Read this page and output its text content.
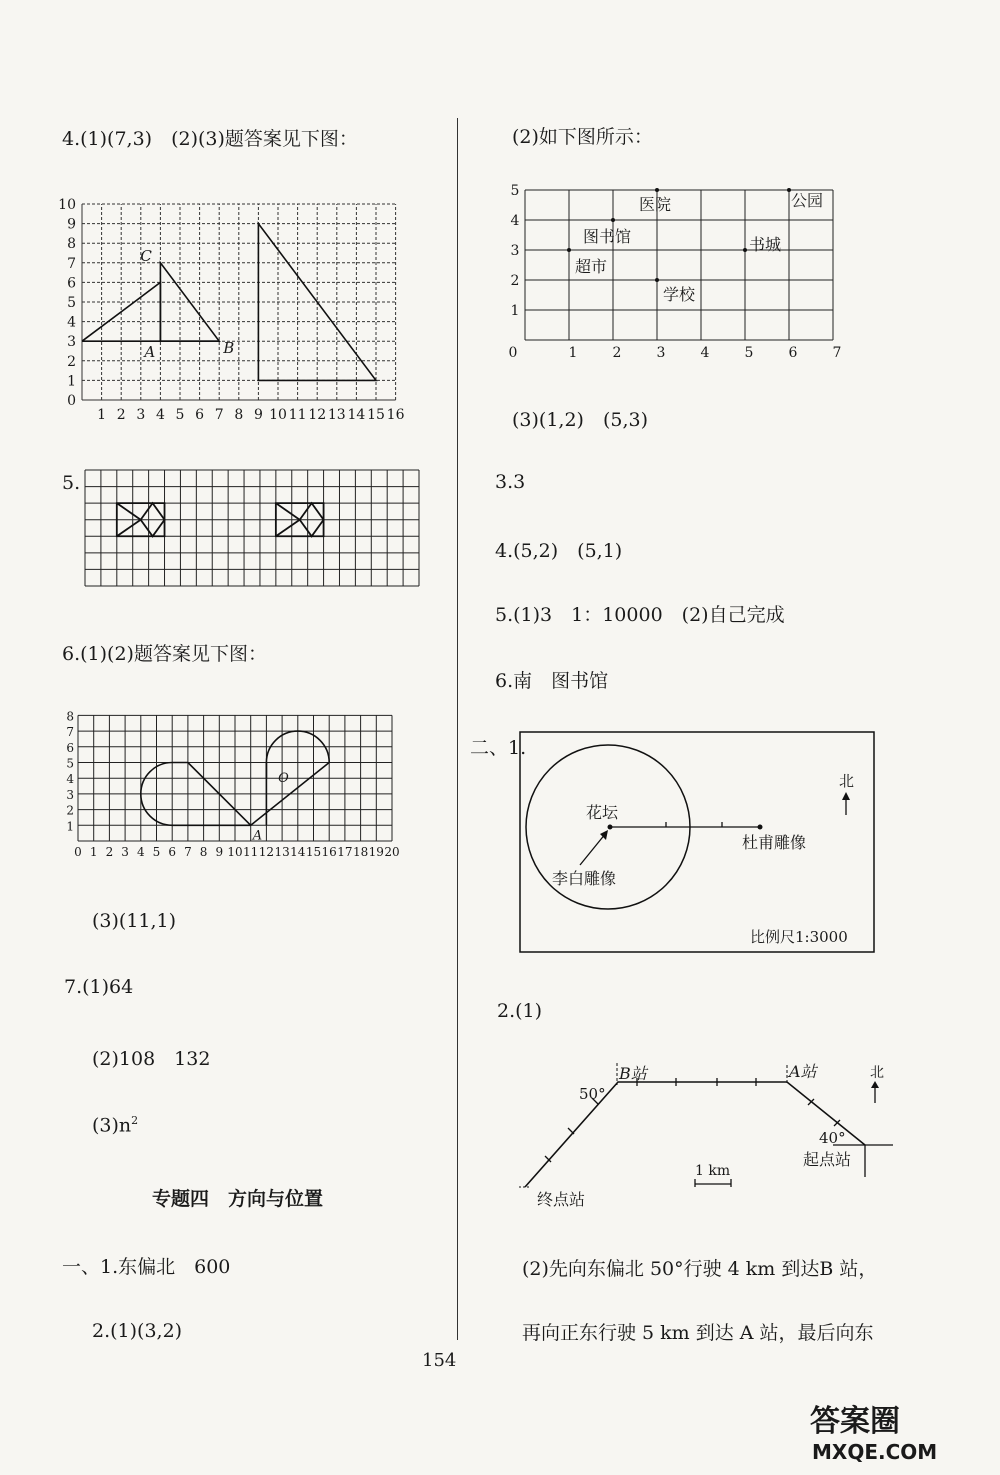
4.(1)(7,3)　(2)(3)题答案见下图：
1 2 3 4 5 6 7 8 9 10 11 12 13 14 15 16
0
1
2
3
4
5
6
7
8
9
10
C
A	B
5.
6.(1)(2)题答案见下图：
0 1 2 3 4 5 6 7 8 9 10 11 12 13 14 15 16 17 18 19 20
1
2
3
4
5
6
7
8
O
A
(3)(11,1)
7.(1)64
(2)108　132
$(3)n^2$
专题四　方向与位置
一、1.东偏北　600
2.(1)(3,2)
(2)如下图所示：
0	1	2	3	4	5	6	7
1
2
3
4
5
医院	公园
图书馆
超市
书城
学校
(3)(1,2)　(5,3)
3.3
4.(5,2)　(5,1)
5.(1)3　1：10000　(2)自己完成
6.南　图书馆
二、1.
花坛
杜甫雕像
李白雕像
北
比例尺1:3000
2.(1)
B站	A站
50°
40°
起点站
终点站
北
1 km
(2)先向东偏北 50°行驶 4 km 到达B 站，
再向正东行驶 5 km 到达 A 站，最后向东
154
答案圈
MXQE.COM
